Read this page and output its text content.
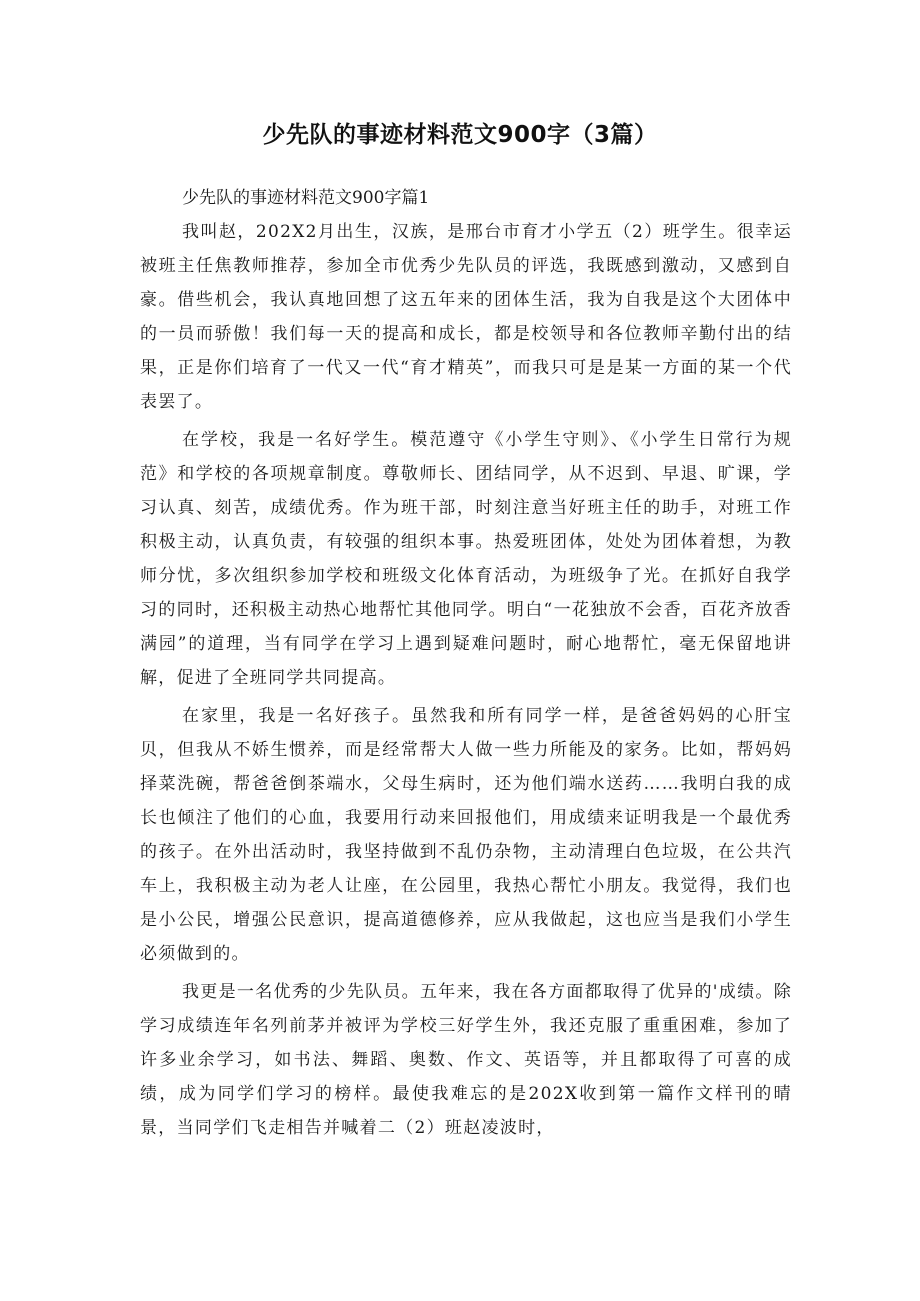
少先队的事迹材料范文900字（3篇）

少先队的事迹材料范文900字篇1

我叫赵，202X2月出生，汉族，是邢台市育才小学五（2）班学生。很幸运被班主任焦教师推荐，参加全市优秀少先队员的评选，我既感到激动，又感到自豪。借些机会，我认真地回想了这五年来的团体生活，我为自我是这个大团体中的一员而骄傲！我们每一天的提高和成长，都是校领导和各位教师辛勤付出的结果，正是你们培育了一代又一代“育才精英”，而我只可是是某一方面的某一个代表罢了。

在学校，我是一名好学生。模范遵守《小学生守则》、《小学生日常行为规范》和学校的各项规章制度。尊敬师长、团结同学，从不迟到、早退、旷课，学习认真、刻苦，成绩优秀。作为班干部，时刻注意当好班主任的助手，对班工作积极主动，认真负责，有较强的组织本事。热爱班团体，处处为团体着想，为教师分忧，多次组织参加学校和班级文化体育活动，为班级争了光。在抓好自我学习的同时，还积极主动热心地帮忙其他同学。明白“一花独放不会香，百花齐放香满园”的道理，当有同学在学习上遇到疑难问题时，耐心地帮忙，毫无保留地讲解，促进了全班同学共同提高。

在家里，我是一名好孩子。虽然我和所有同学一样，是爸爸妈妈的心肝宝贝，但我从不娇生惯养，而是经常帮大人做一些力所能及的家务。比如，帮妈妈择菜洗碗，帮爸爸倒茶端水，父母生病时，还为他们端水送药……我明白我的成长也倾注了他们的心血，我要用行动来回报他们，用成绩来证明我是一个最优秀的孩子。在外出活动时，我坚持做到不乱仍杂物，主动清理白色垃圾，在公共汽车上，我积极主动为老人让座，在公园里，我热心帮忙小朋友。我觉得，我们也是小公民，增强公民意识，提高道德修养，应从我做起，这也应当是我们小学生必须做到的。

我更是一名优秀的少先队员。五年来，我在各方面都取得了优异的'成绩。除学习成绩连年名列前茅并被评为学校三好学生外，我还克服了重重困难，参加了许多业余学习，如书法、舞蹈、奥数、作文、英语等，并且都取得了可喜的成绩，成为同学们学习的榜样。最使我难忘的是202X收到第一篇作文样刊的晴景，当同学们飞走相告并喊着二（2）班赵凌波时，
